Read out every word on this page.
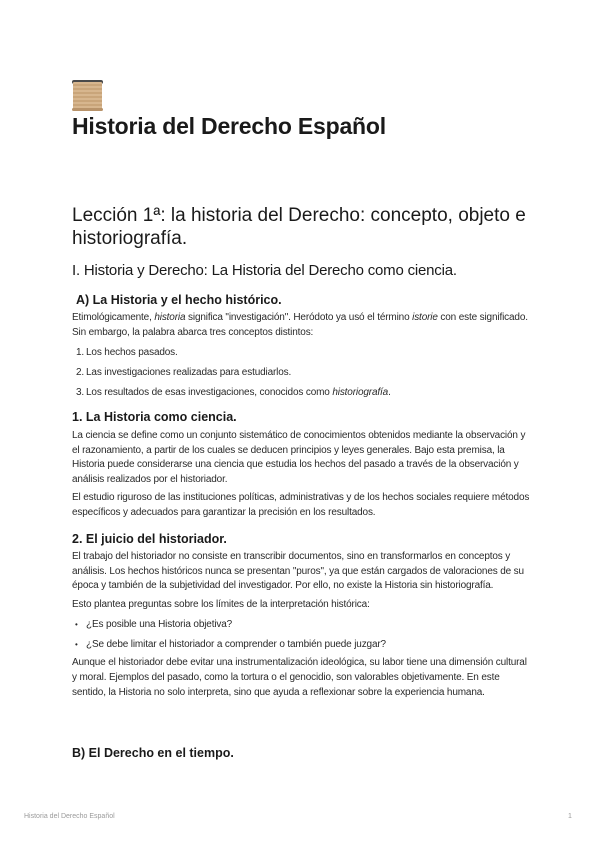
Historia del Derecho Español
Lección 1ª: la historia del Derecho: concepto, objeto e historiografía.
I. Historia y Derecho: La Historia del Derecho como ciencia.
A) La Historia y el hecho histórico.

Etimológicamente, historia significa "investigación". Heródoto ya usó el término istorie con este significado. Sin embargo, la palabra abarca tres conceptos distintos:

1. Los hechos pasados.
2. Las investigaciones realizadas para estudiarlos.
3. Los resultados de esas investigaciones, conocidos como historiografía.
1. La Historia como ciencia.

La ciencia se define como un conjunto sistemático de conocimientos obtenidos mediante la observación y el razonamiento, a partir de los cuales se deducen principios y leyes generales. Bajo esta premisa, la Historia puede considerarse una ciencia que estudia los hechos del pasado a través de la observación y análisis realizados por el historiador.

El estudio riguroso de las instituciones políticas, administrativas y de los hechos sociales requiere métodos específicos y adecuados para garantizar la precisión en los resultados.

2. El juicio del historiador.

El trabajo del historiador no consiste en transcribir documentos, sino en transformarlos en conceptos y análisis. Los hechos históricos nunca se presentan "puros", ya que están cargados de valoraciones de su época y también de la subjetividad del investigador. Por ello, no existe la Historia sin historiografía.

Esto plantea preguntas sobre los límites de la interpretación histórica:

• ¿Es posible una Historia objetiva?
• ¿Se debe limitar el historiador a comprender o también puede juzgar?

Aunque el historiador debe evitar una instrumentalización ideológica, su labor tiene una dimensión cultural y moral. Ejemplos del pasado, como la tortura o el genocidio, son valorables objetivamente. En este sentido, la Historia no solo interpreta, sino que ayuda a reflexionar sobre la experiencia humana.

B) El Derecho en el tiempo.
Historia del Derecho Español	1
